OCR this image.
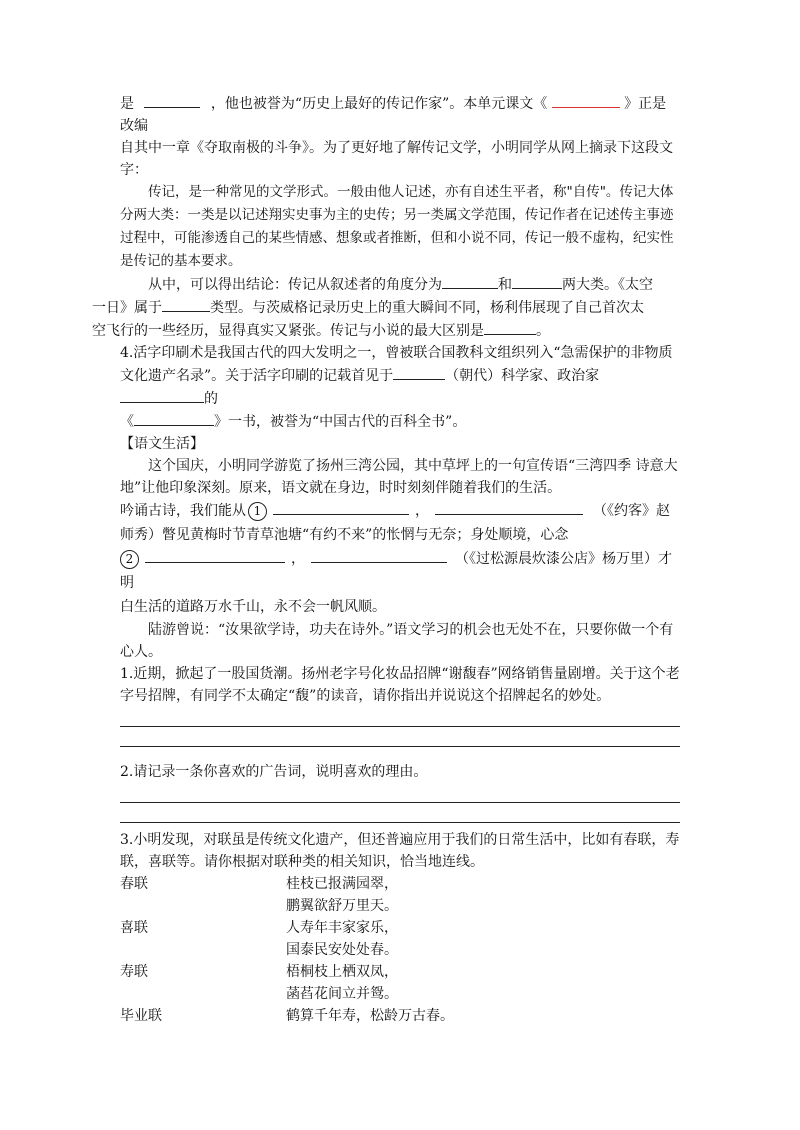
是	，他也被誉为“历史上最好的传记作家”。本单元课文《	》正是改编

自其中一章《夺取南极的斗争》。为了更好地了解传记文学，小明同学从网上摘录下这段文

字：

传记，是一种常见的文学形式。一般由他人记述，亦有自述生平者，称"自传"。传记大体分两大类：一类是以记述翔实史事为主的史传；另一类属文学范围，传记作者在记述传主事迹过程中，可能渗透自己的某些情感、想象或者推断，但和小说不同，传记一般不虚构，纪实性是传记的基本要求。

从中，可以得出结论：传记从叙述者的角度分为	和	两大类。《太空
一日》属于	类型。与茨威格记录历史上的重大瞬间不同，杨利伟展现了自己首次太
空飞行的一些经历，显得真实又紧张。传记与小说的最大区别是	。

4.活字印刷术是我国古代的四大发明之一，曾被联合国教科文组织列入“急需保护的非物质
文化遗产名录”。关于活字印刷的记载首见于	（朝代）科学家、政治家的
《	》一书，被誉为“中国古代的百科全书”。

【语文生活】

这个国庆，小明同学游览了扬州三湾公园，其中草坪上的一句宣传语“三湾四季 诗意大地”让他印象深刻。原来，语文就在身边，时时刻刻伴随着我们的生活。

吟诵古诗，我们能从 1	，	（《约客》赵
师秀）瞥见黄梅时节青草池塘“有约不来”的怅惘与无奈；身处顺境，心念
2	，	（《过松源晨炊漆公店》杨万里）才明
白生活的道路万水千山，永不会一帆风顺。

陆游曾说：“汝果欲学诗，功夫在诗外。”语文学习的机会也无处不在，只要你做一个有心人。

1.近期，掀起了一股国货潮。扬州老字号化妆品招牌“谢馥春”网络销售量剧增。关于这个老字号招牌，有同学不太确定“馥”的读音，请你指出并说说这个招牌起名的妙处。

2.请记录一条你喜欢的广告词，说明喜欢的理由。

3.小明发现，对联虽是传统文化遗产，但还普遍应用于我们的日常生活中，比如有春联，寿联，喜联等。请你根据对联种类的相关知识，恰当地连线。

春联	桂枝已报满园翠，
鹏翼欲舒万里天。
喜联	人寿年丰家家乐，
国泰民安处处春。
寿联	梧桐枝上栖双凤，
菡萏花间立并鸳。
毕业联	鹤算千年寿，松龄万古春。
